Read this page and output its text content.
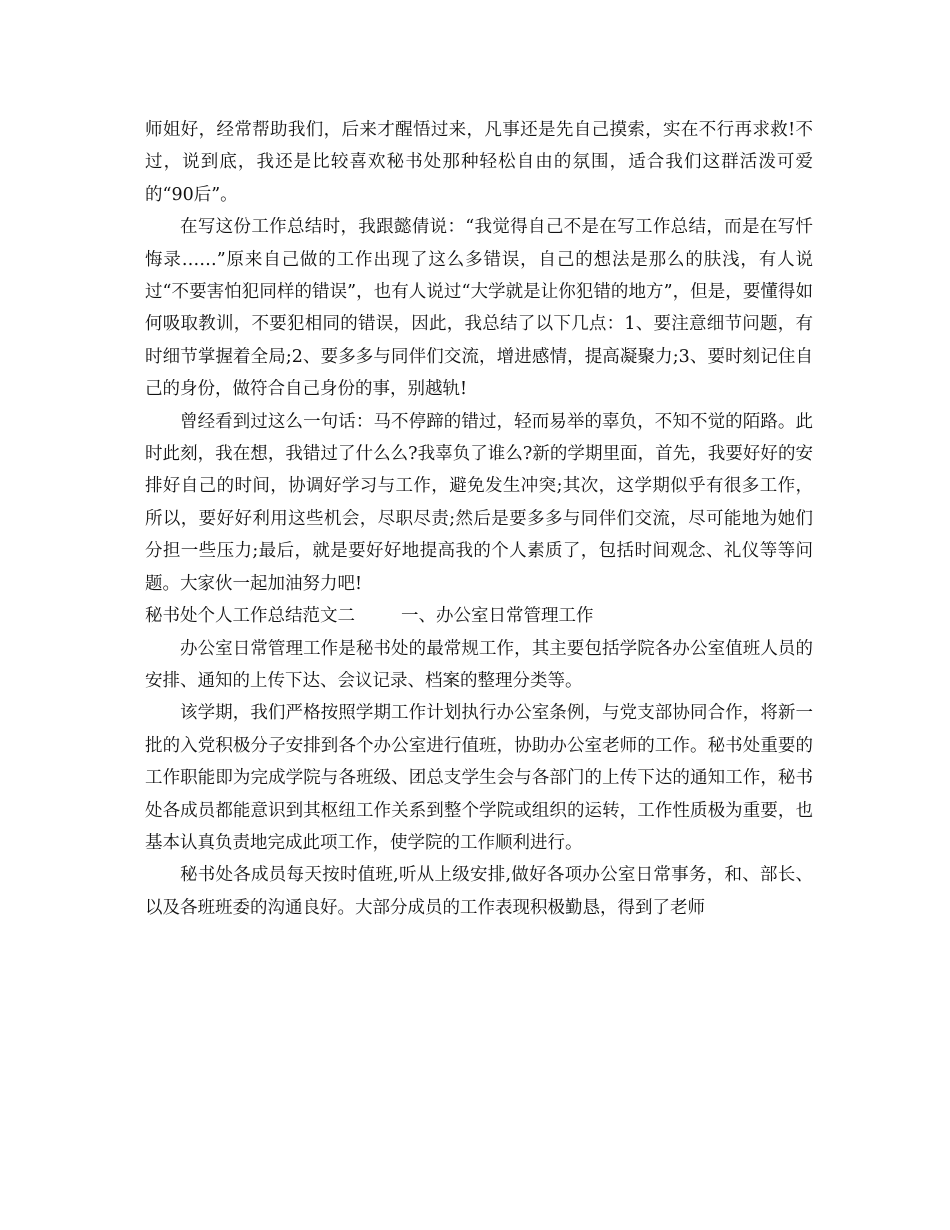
师姐好，经常帮助我们，后来才醒悟过来，凡事还是先自己摸索，实在不行再求救!不过，说到底，我还是比较喜欢秘书处那种轻松自由的氛围，适合我们这群活泼可爱的“90后”。

在写这份工作总结时，我跟懿倩说：“我觉得自己不是在写工作总结，而是在写忏悔录……”原来自己做的工作出现了这么多错误，自己的想法是那么的肤浅，有人说过“不要害怕犯同样的错误”，也有人说过“大学就是让你犯错的地方”，但是，要懂得如何吸取教训，不要犯相同的错误，因此，我总结了以下几点：1、要注意细节问题，有时细节掌握着全局;2、要多多与同伴们交流，增进感情，提高凝聚力;3、要时刻记住自己的身份，做符合自己身份的事，别越轨!

曾经看到过这么一句话：马不停蹄的错过，轻而易举的辜负，不知不觉的陌路。此时此刻，我在想，我错过了什么么?我辜负了谁么?新的学期里面，首先，我要好好的安排好自己的时间，协调好学习与工作，避免发生冲突;其次，这学期似乎有很多工作，所以，要好好利用这些机会，尽职尽责;然后是要多多与同伴们交流，尽可能地为她们分担一些压力;最后，就是要好好地提高我的个人素质了，包括时间观念、礼仪等等问题。大家伙一起加油努力吧!

秘书处个人工作总结范文二	一、办公室日常管理工作

办公室日常管理工作是秘书处的最常规工作，其主要包括学院各办公室值班人员的安排、通知的上传下达、会议记录、档案的整理分类等。

该学期，我们严格按照学期工作计划执行办公室条例，与党支部协同合作，将新一批的入党积极分子安排到各个办公室进行值班，协助办公室老师的工作。秘书处重要的工作职能即为完成学院与各班级、团总支学生会与各部门的上传下达的通知工作，秘书处各成员都能意识到其枢纽工作关系到整个学院或组织的运转，工作性质极为重要，也基本认真负责地完成此项工作，使学院的工作顺利进行。

秘书处各成员每天按时值班,听从上级安排,做好各项办公室日常事务，和、部长、以及各班班委的沟通良好。大部分成员的工作表现积极勤恳，得到了老师
